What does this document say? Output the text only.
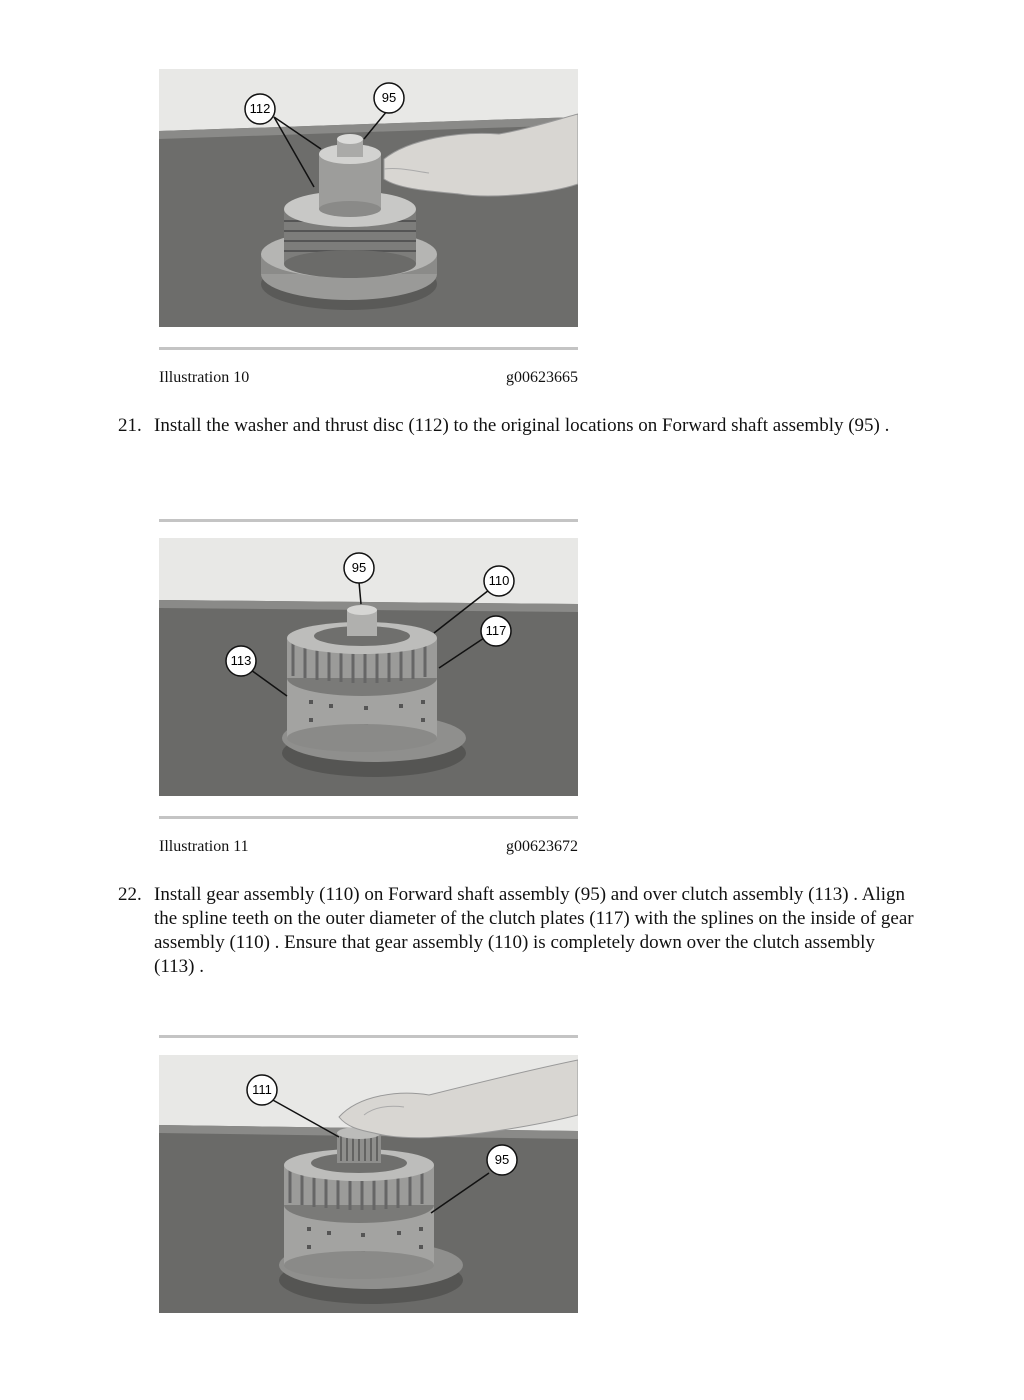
112
95
Illustration 10	g00623665
21. Install the washer and thrust disc (112) to the original locations on Forward shaft assembly (95) .
95
110
117
113
Illustration 11	g00623672
22. Install gear assembly (110) on Forward shaft assembly (95) and over clutch assembly (113) . Align the spline teeth on the outer diameter of the clutch plates (117) with the splines on the inside of gear assembly (110) . Ensure that gear assembly (110) is completely down over the clutch assembly (113) .
111
95
